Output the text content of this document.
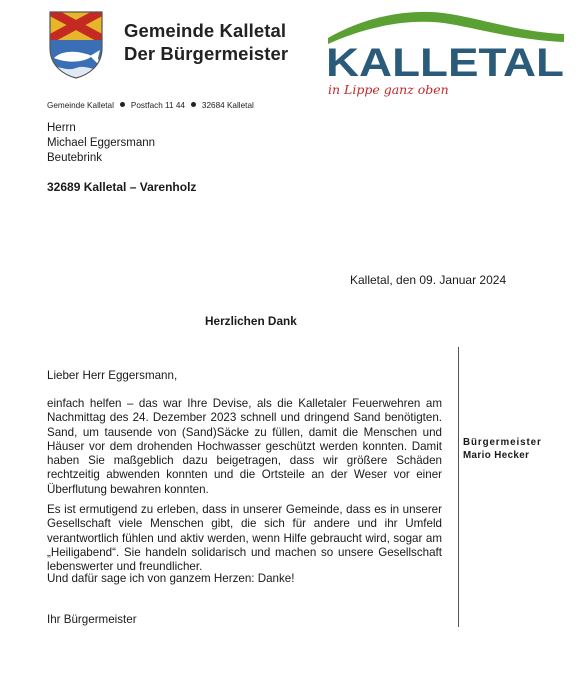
Gemeinde Kalletal
Der Bürgermeister KALLETAL
in Lippe ganz oben
Gemeinde Kalletal Postfach 11 44 32684 Kalletal
Herrn
Michael Eggersmann
Beutebrink
32689 Kalletal – Varenholz
Kalletal, den 09. Januar 2024
Herzlichen Dank
Lieber Herr Eggersmann,
einfach helfen – das war Ihre Devise, als die Kalletaler Feuerwehren am Nachmittag des 24. Dezember 2023 schnell und dringend Sand benötigten. Sand, um tausende von (Sand)Säcke zu füllen, damit die Menschen und Häuser vor dem drohenden Hochwasser geschützt werden konnten. Damit haben Sie maßgeblich dazu beigetragen, dass wir größere Schäden rechtzeitig abwenden konnten und die Ortsteile an der Weser vor einer Überflutung bewahren konnten.
Es ist ermutigend zu erleben, dass in unserer Gemeinde, dass es in unserer Gesellschaft viele Menschen gibt, die sich für andere und ihr Umfeld verantwortlich fühlen und aktiv werden, wenn Hilfe gebraucht wird, sogar am „Heiligabend“. Sie handeln solidarisch und machen so unsere Gesellschaft lebenswerter und freundlicher.
Und dafür sage ich von ganzem Herzen: Danke!
Ihr Bürgermeister
Bürgermeister
Mario Hecker
